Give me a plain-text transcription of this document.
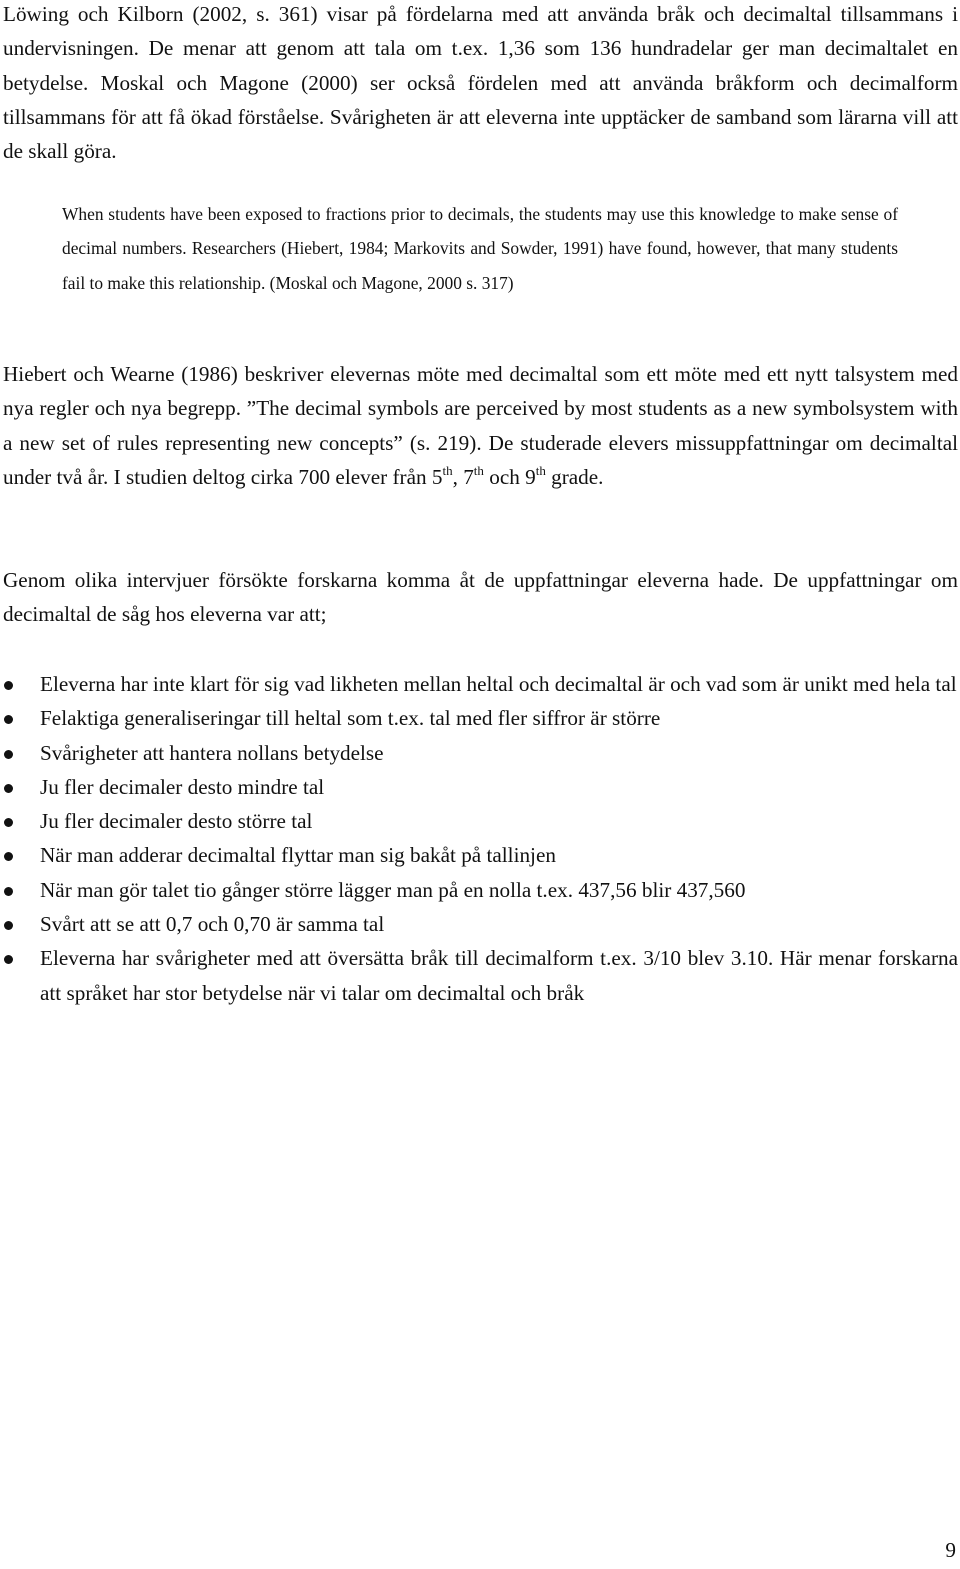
Löwing och Kilborn (2002, s. 361) visar på fördelarna med att använda bråk och decimaltal tillsammans i undervisningen. De menar att genom att tala om t.ex. 1,36 som 136 hundradelar ger man decimaltalet en betydelse. Moskal och Magone (2000) ser också fördelen med att använda bråkform och decimalform tillsammans för att få ökad förståelse. Svårigheten är att eleverna inte upptäcker de samband som lärarna vill att de skall göra.

When students have been exposed to fractions prior to decimals, the students may use this knowledge to make sense of decimal numbers. Researchers (Hiebert, 1984; Markovits and Sowder, 1991) have found, however, that many students fail to make this relationship. (Moskal och Magone, 2000 s. 317)

Hiebert och Wearne (1986) beskriver elevernas möte med decimaltal som ett möte med ett nytt talsystem med nya regler och nya begrepp. ”The decimal symbols are perceived by most students as a new symbolsystem with a new set of rules representing new concepts” (s. 219). De studerade elevers missuppfattningar om decimaltal under två år. I studien deltog cirka 700 elever från 5th, 7th och 9th grade.

Genom olika intervjuer försökte forskarna komma åt de uppfattningar eleverna hade. De uppfattningar om decimaltal de såg hos eleverna var att;

Eleverna har inte klart för sig vad likheten mellan heltal och decimaltal är och vad som är unikt med hela tal
Felaktiga generaliseringar till heltal som t.ex. tal med fler siffror är större
Svårigheter att hantera nollans betydelse
Ju fler decimaler desto mindre tal
Ju fler decimaler desto större tal
När man adderar decimaltal flyttar man sig bakåt på tallinjen
När man gör talet tio gånger större lägger man på en nolla t.ex. 437,56 blir 437,560
Svårt att se att 0,7 och 0,70 är samma tal
Eleverna har svårigheter med att översätta bråk till decimalform t.ex. 3/10 blev 3.10. Här menar forskarna att språket har stor betydelse när vi talar om decimaltal och bråk
9
